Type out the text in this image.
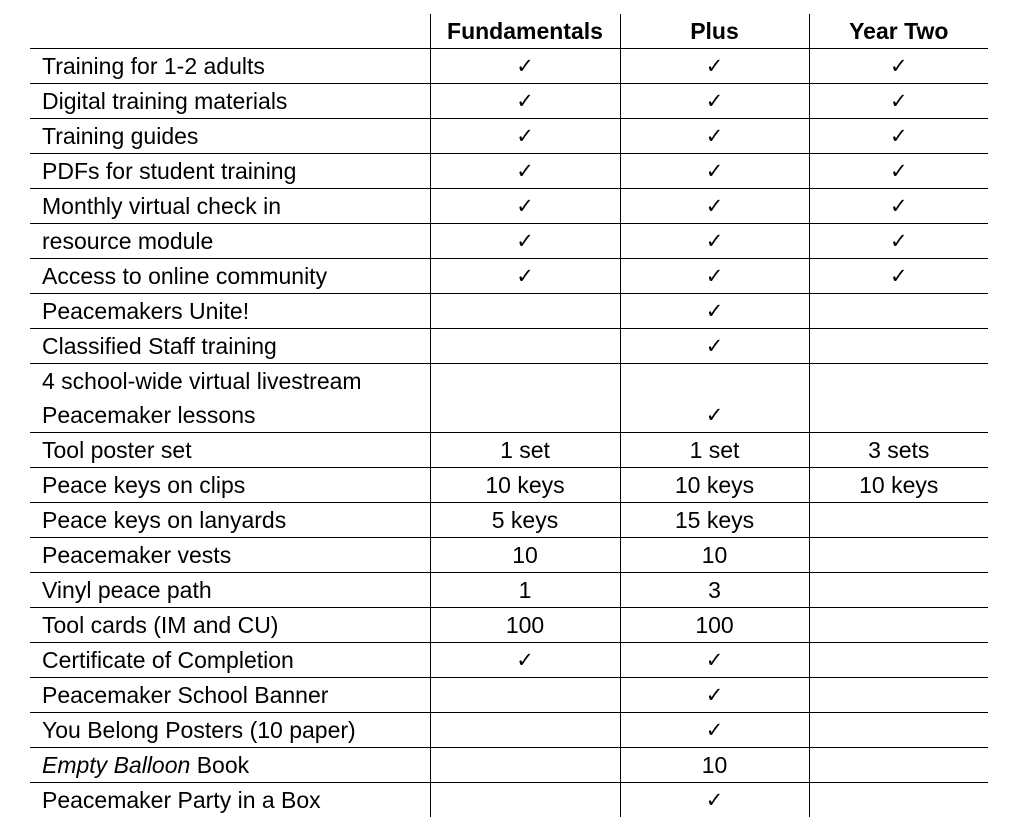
	Fundamentals	Plus	Year Two
Training for 1-2 adults	✓	✓	✓
Digital training materials	✓	✓	✓
Training guides	✓	✓	✓
PDFs for student training	✓	✓	✓
Monthly virtual check in	✓	✓	✓
resource module	✓	✓	✓
Access to online community	✓	✓	✓
Peacemakers Unite!		✓	
Classified Staff training		✓	

4 school-wide virtual livestream
Peacemaker lessons		✓	
Tool poster set	1 set	1 set	3 sets
Peace keys on clips	10 keys	10 keys	10 keys
Peace keys on lanyards	5 keys	15 keys	
Peacemaker vests	10	10	
Vinyl peace path	1	3	
Tool cards (IM and CU)	100	100	
Certificate of Completion	✓	✓	
Peacemaker School Banner		✓	
You Belong Posters (10 paper)		✓	
Empty Balloon Book		10	
Peacemaker Party in a Box		✓	
